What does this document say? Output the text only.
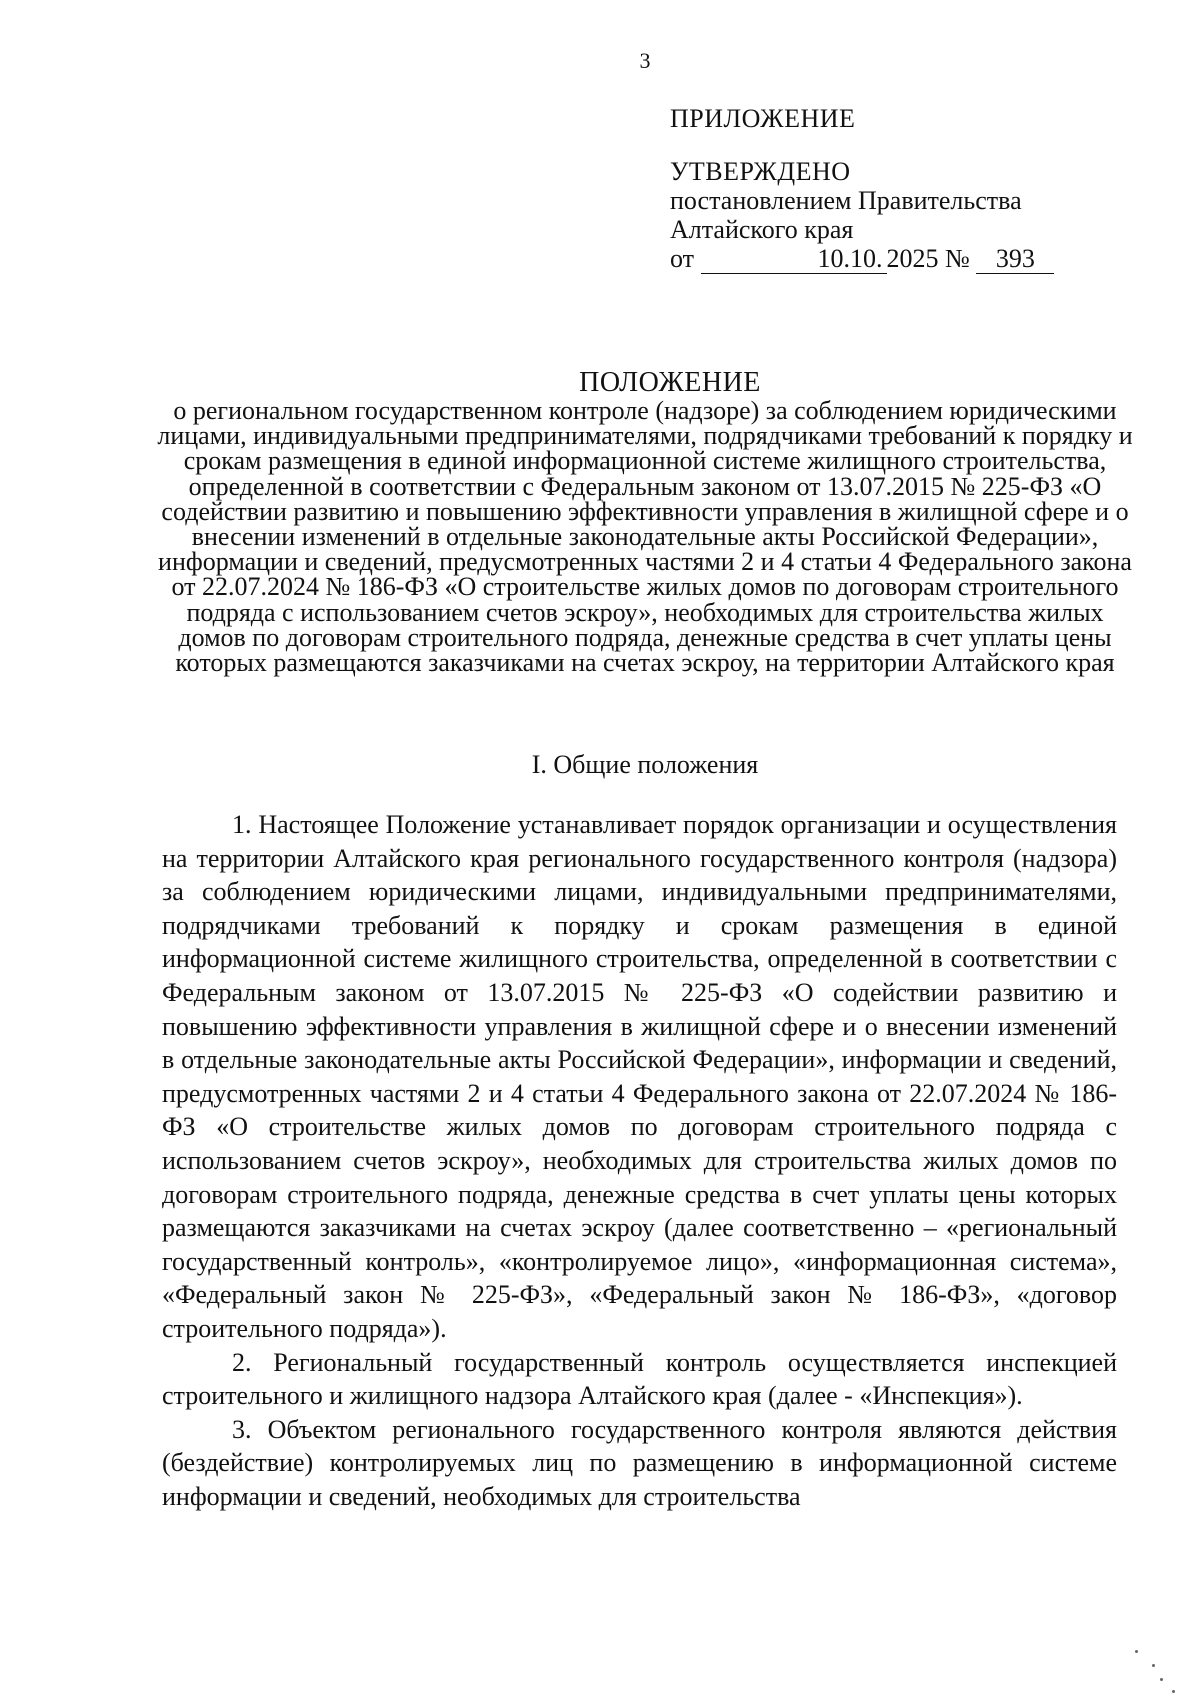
3
ПРИЛОЖЕНИЕ
УТВЕРЖДЕНО
постановлением Правительства
Алтайского края
от	10.10. 2025 № 393
ПОЛОЖЕНИЕ
о региональном государственном контроле (надзоре) за соблюдением юридическими лицами, индивидуальными предпринимателями, подрядчиками требований к порядку и срокам размещения в единой информационной системе жилищного строительства, определенной в соответствии с Федеральным законом от 13.07.2015 № 225-ФЗ «О содействии развитию и повышению эффективности управления в жилищной сфере и о внесении изменений в отдельные законодательные акты Российской Федерации», информации и сведений, предусмотренных частями 2 и 4 статьи 4 Федерального закона от 22.07.2024 № 186-ФЗ «О строительстве жилых домов по договорам строительного подряда с использованием счетов эскроу», необходимых для строительства жилых домов по договорам строительного подряда, денежные средства в счет уплаты цены которых размещаются заказчиками на счетах эскроу, на территории Алтайского края
I. Общие положения

1. Настоящее Положение устанавливает порядок организации и осуществления на территории Алтайского края регионального государственного контроля (надзора) за соблюдением юридическими лицами, индивидуальными предпринимателями, подрядчиками требований к порядку и срокам размещения в единой информационной системе жилищного строительства, определенной в соответствии с Федеральным законом от 13.07.2015 № 225-ФЗ «О содействии развитию и повышению эффективности управления в жилищной сфере и о внесении изменений в отдельные законодательные акты Российской Федерации», информации и сведений, предусмотренных частями 2 и 4 статьи 4 Федерального закона от 22.07.2024 № 186-ФЗ «О строительстве жилых домов по договорам строительного подряда с использованием счетов эскроу», необходимых для строительства жилых домов по договорам строительного подряда, денежные средства в счет уплаты цены которых размещаются заказчиками на счетах эскроу (далее соответственно – «региональный государственный контроль», «контролируемое лицо», «информационная система», «Федеральный закон № 225-ФЗ», «Федеральный закон № 186-ФЗ», «договор строительного подряда»).

2. Региональный государственный контроль осуществляется инспекцией строительного и жилищного надзора Алтайского края (далее - «Инспекция»).

3. Объектом регионального государственного контроля являются действия (бездействие) контролируемых лиц по размещению в информационной системе информации и сведений, необходимых для строительства
